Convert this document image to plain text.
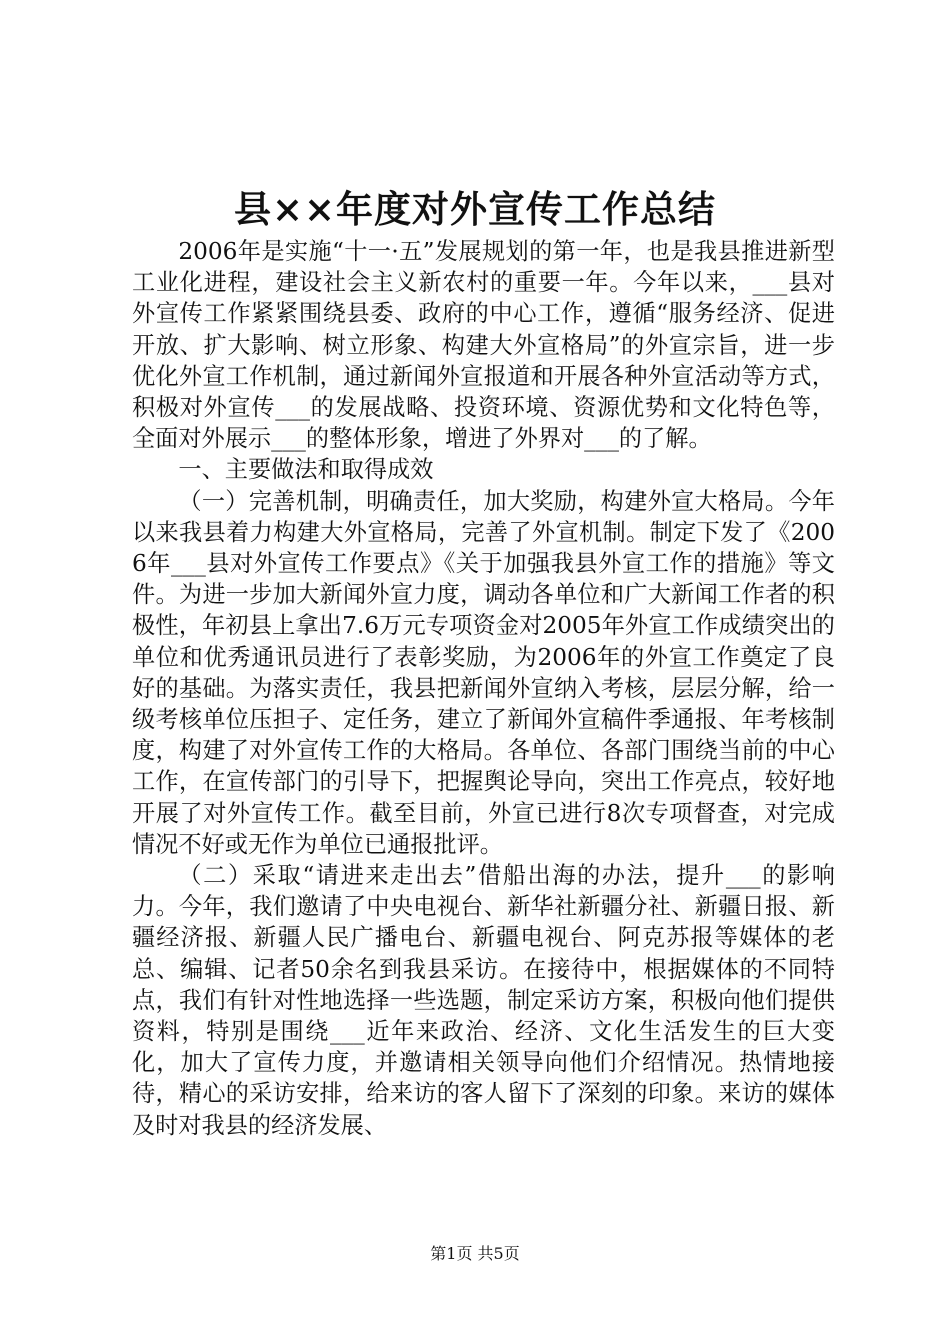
县××年度对外宣传工作总结

2006年是实施“十一·五”发展规划的第一年，也是我县推进新型工业化进程，建设社会主义新农村的重要一年。今年以来，___县对外宣传工作紧紧围绕县委、政府的中心工作，遵循“服务经济、促进开放、扩大影响、树立形象、构建大外宣格局”的外宣宗旨，进一步优化外宣工作机制，通过新闻外宣报道和开展各种外宣活动等方式，积极对外宣传___的发展战略、投资环境、资源优势和文化特色等，全面对外展示___的整体形象，增进了外界对___的了解。

一、主要做法和取得成效

（一）完善机制，明确责任，加大奖励，构建外宣大格局。今年以来我县着力构建大外宣格局，完善了外宣机制。制定下发了《2006年___县对外宣传工作要点》《关于加强我县外宣工作的措施》等文件。为进一步加大新闻外宣力度，调动各单位和广大新闻工作者的积极性，年初县上拿出7.6万元专项资金对2005年外宣工作成绩突出的单位和优秀通讯员进行了表彰奖励，为2006年的外宣工作奠定了良好的基础。为落实责任，我县把新闻外宣纳入考核，层层分解，给一级考核单位压担子、定任务，建立了新闻外宣稿件季通报、年考核制度，构建了对外宣传工作的大格局。各单位、各部门围绕当前的中心工作，在宣传部门的引导下，把握舆论导向，突出工作亮点，较好地开展了对外宣传工作。截至目前，外宣已进行8次专项督查，对完成情况不好或无作为单位已通报批评。

（二）采取“请进来走出去”借船出海的办法，提升___的影响力。今年，我们邀请了中央电视台、新华社新疆分社、新疆日报、新疆经济报、新疆人民广播电台、新疆电视台、阿克苏报等媒体的老总、编辑、记者50余名到我县采访。在接待中，根据媒体的不同特点，我们有针对性地选择一些选题，制定采访方案，积极向他们提供资料，特别是围绕___近年来政治、经济、文化生活发生的巨大变化，加大了宣传力度，并邀请相关领导向他们介绍情况。热情地接待，精心的采访安排，给来访的客人留下了深刻的印象。来访的媒体及时对我县的经济发展、

第1页 共5页
